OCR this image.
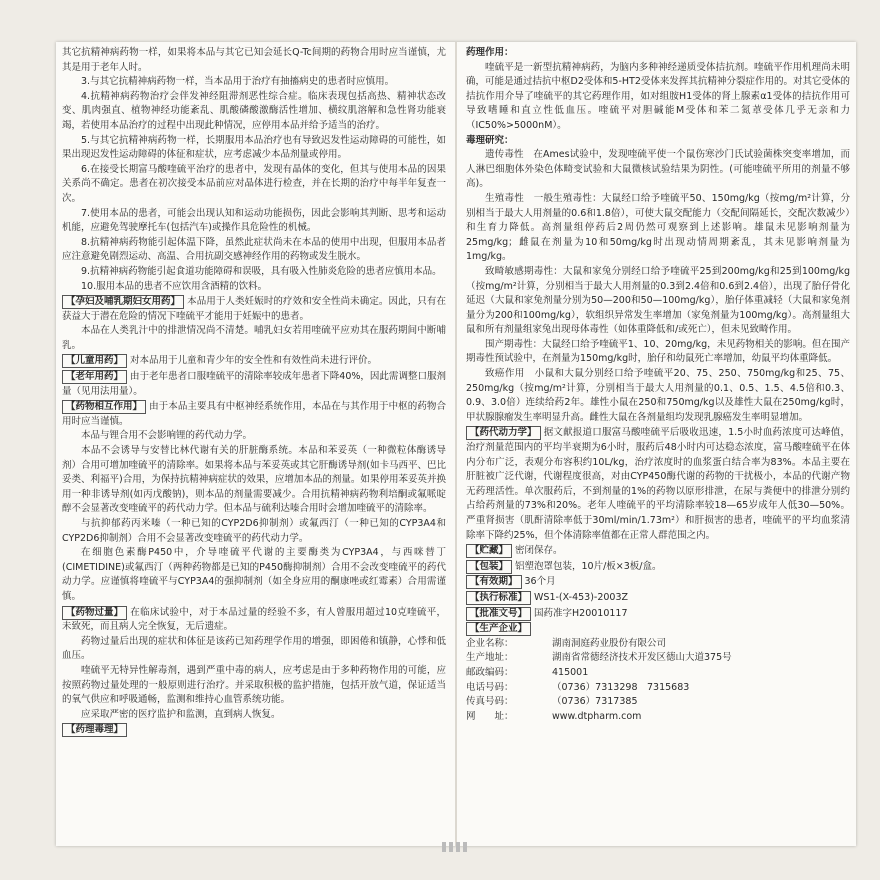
其它抗精神病药物一样，如果将本品与其它已知会延长Q-Tc间期的药物合用时应当谨慎，尤其是用于老年人时。

3.与其它抗精神病药物一样，当本品用于治疗有抽搐病史的患者时应慎用。

4.抗精神病药物治疗会伴发神经阻滞剂恶性综合症。临床表现包括高热、精神状态改变、肌肉强直、植物神经功能紊乱、肌酸磷酸激酶活性增加、横纹肌溶解和急性肾功能衰竭，若使用本品治疗的过程中出现此种情况，应停用本品并给予适当的治疗。

5.与其它抗精神病药物一样，长期服用本品治疗也有导致迟发性运动障碍的可能性，如果出现迟发性运动障碍的体征和症状，应考虑减少本品剂量或停用。

6.在接受长期富马酸喹硫平治疗的患者中，发现有晶体的变化，但其与使用本品的因果关系尚不确定。患者在初次接受本品前应对晶体进行检查，并在长期的治疗中每半年复查一次。

7.使用本品的患者，可能会出现认知和运动功能损伤，因此会影响其判断、思考和运动机能，应避免驾驶摩托车(包括汽车)或操作具危险性的机械。

8.抗精神病药物能引起体温下降，虽然此症状尚未在本品的使用中出现，但服用本品者应注意避免剧烈运动、高温、合用抗副交感神经作用的药物或发生脱水。

9.抗精神病药物能引起食道功能障碍和误吸，具有吸入性肺炎危险的患者应慎用本品。

10.服用本品的患者不应饮用含酒精的饮料。

【孕妇及哺乳期妇女用药】 本品用于人类妊娠时的疗效和安全性尚未确定。因此，只有在获益大于潜在危险的情况下喹硫平才能用于妊娠中的患者。

本品在人类乳汁中的排泄情况尚不清楚。哺乳妇女若用喹硫平应劝其在服药期间中断哺乳。

【儿童用药】 对本品用于儿童和青少年的安全性和有效性尚未进行评价。

【老年用药】 由于老年患者口服喹硫平的清除率较成年患者下降40%，因此需调整口服剂量（见用法用量）。

【药物相互作用】 由于本品主要具有中枢神经系统作用，本品在与其作用于中枢的药物合用时应当谨慎。

本品与锂合用不会影响锂的药代动力学。

本品不会诱导与安替比林代谢有关的肝脏酶系统。本品和苯妥英（一种微粒体酶诱导剂）合用可增加喹硫平的清除率。如果将本品与苯妥英或其它肝酶诱导剂(如卡马西平、巴比妥类、利福平)合用，为保持抗精神病症状的效果，应增加本品的剂量。如果停用苯妥英并换用一种非诱导剂(如丙戊酸钠)，则本品的剂量需要减少。合用抗精神病药物利培酮或氟哌啶醇不会显著改变喹硫平的药代动力学。但本品与硫利达嗪合用时会增加喹硫平的清除率。

与抗抑郁药丙米嗪（一种已知的CYP2D6抑制剂）或氟西汀（一种已知的CYP3A4和CYP2D6抑制剂）合用不会显著改变喹硫平的药代动力学。

在细胞色素酶P450中，介导喹硫平代谢的主要酶类为CYP3A4，与西咪替丁(CIMETIDINE)或氟西汀（两种药物都是已知的P450酶抑制剂）合用不会改变喹硫平的药代动力学。应谨慎将喹硫平与CYP3A4的强抑制剂（如全身应用的酮康唑或红霉素）合用需谨慎。

【药物过量】 在临床试验中，对于本品过量的经验不多，有人曾服用超过10克喹硫平，未致死，而且病人完全恢复，无后遗症。

药物过量后出现的症状和体征是该药已知药理学作用的增强，即困倦和镇静，心悸和低血压。

喹硫平无特异性解毒剂，遇到严重中毒的病人，应考虑是由于多种药物作用的可能，应按照药物过量处理的一般原则进行治疗。并采取积极的监护措施，包括开放气道，保证适当的氧气供应和呼吸通畅，监测和维持心血管系统功能。

应采取严密的医疗监护和监测，直到病人恢复。

【药理毒理】

药理作用：

喹硫平是一新型抗精神病药，为脑内多种神经递质受体拮抗剂。喹硫平作用机理尚未明确，可能是通过拮抗中枢D2受体和5-HT2受体来发挥其抗精神分裂症作用的。对其它受体的拮抗作用介导了喹硫平的其它药理作用，如对组胺H1受体的肾上腺素α1受体的拮抗作用可导致嗜睡和直立性低血压。喹硫平对胆碱能M受体和苯二氮䓬受体几乎无亲和力（IC50%>5000nM）。

毒理研究：

遗传毒性　在Ames试验中，发现喹硫平使一个鼠伤寒沙门氏试验菌株突变率增加，而人淋巴细胞体外染色体畸变试验和大鼠微核试验结果为阴性。(可能喹硫平所用的剂量不够高)。

生殖毒性　一般生殖毒性：大鼠经口给予喹硫平50、150mg/kg（按mg/m²计算，分别相当于最大人用剂量的0.6和1.8倍），可使大鼠交配能力（交配间隔延长，交配次数减少）和生育力降低。高剂量组停药后2周仍然可观察到上述影响。雄鼠未见影响剂量为25mg/kg；雌鼠在剂量为10和50mg/kg时出现动情周期紊乱，其未见影响剂量为1mg/kg。

致畸敏感期毒性：大鼠和家兔分别经口给予喹硫平25到200mg/kg和25到100mg/kg（按mg/m²计算，分别相当于最大人用剂量的0.3到2.4倍和0.6到2.4倍），出现了胎仔骨化延迟（大鼠和家兔剂量分别为50—200和50—100mg/kg），胎仔体重减轻（大鼠和家兔剂量分为200和100mg/kg），软组织异常发生率增加（家兔剂量为100mg/kg）。高剂量组大鼠和所有剂量组家兔出现母体毒性（如体重降低和/或死亡），但未见致畸作用。

围产期毒性：大鼠经口给予喹硫平1、10、20mg/kg，未见药物相关的影响。但在围产期毒性预试验中，在剂量为150mg/kg时，胎仔和幼鼠死亡率增加，幼鼠平均体重降低。

致癌作用　小鼠和大鼠分别经口给予喹硫平20、75、250、750mg/kg和25、75、250mg/kg（按mg/m²计算，分别相当于最大人用剂量的0.1、0.5、1.5、4.5倍和0.3、0.9、3.0倍）连续给药2年。雄性小鼠在250和750mg/kg以及雄性大鼠在250mg/kg时，甲状腺腺瘤发生率明显升高。雌性大鼠在各剂量组均发现乳腺癌发生率明显增加。

【药代动力学】 据文献报道口服富马酸喹硫平后吸收迅速，1.5小时血药浓度可达峰值，治疗剂量范围内的平均半衰期为6小时，服药后48小时内可达稳态浓度，富马酸喹硫平在体内分布广泛，表观分布容积约10L/kg，治疗浓度时的血浆蛋白结合率为83%。本品主要在肝脏被广泛代谢，代谢程度很高，对由CYP450酶代谢的药物的干扰极小，本品的代谢产物无药理活性。单次服药后，不到剂量的1%的药物以原形排泄，在尿与粪便中的排泄分别约占给药剂量的73%和20%。老年人喹硫平的平均清除率较18—65岁成年人低30—50%。严重肾损害（肌酐清除率低于30ml/min/1.73m²）和肝损害的患者，喹硫平的平均血浆清除率下降约25%，但个体清除率值都在正常人群范围之内。

【贮藏】 密闭保存。

【包装】 铝塑泡罩包装，10片/板×3板/盒。

【有效期】 36个月

【执行标准】 WS1-(X-453)-2003Z

【批准文号】 国药准字H20010117

【生产企业】

企业名称：	湖南洞庭药业股份有限公司
生产地址：	湖南省常德经济技术开发区德山大道375号
邮政编码：	415001
电话号码：	（0736）7313298　7315683
传真号码：	（0736）7317385
网　　址：	www.dtpharm.com
